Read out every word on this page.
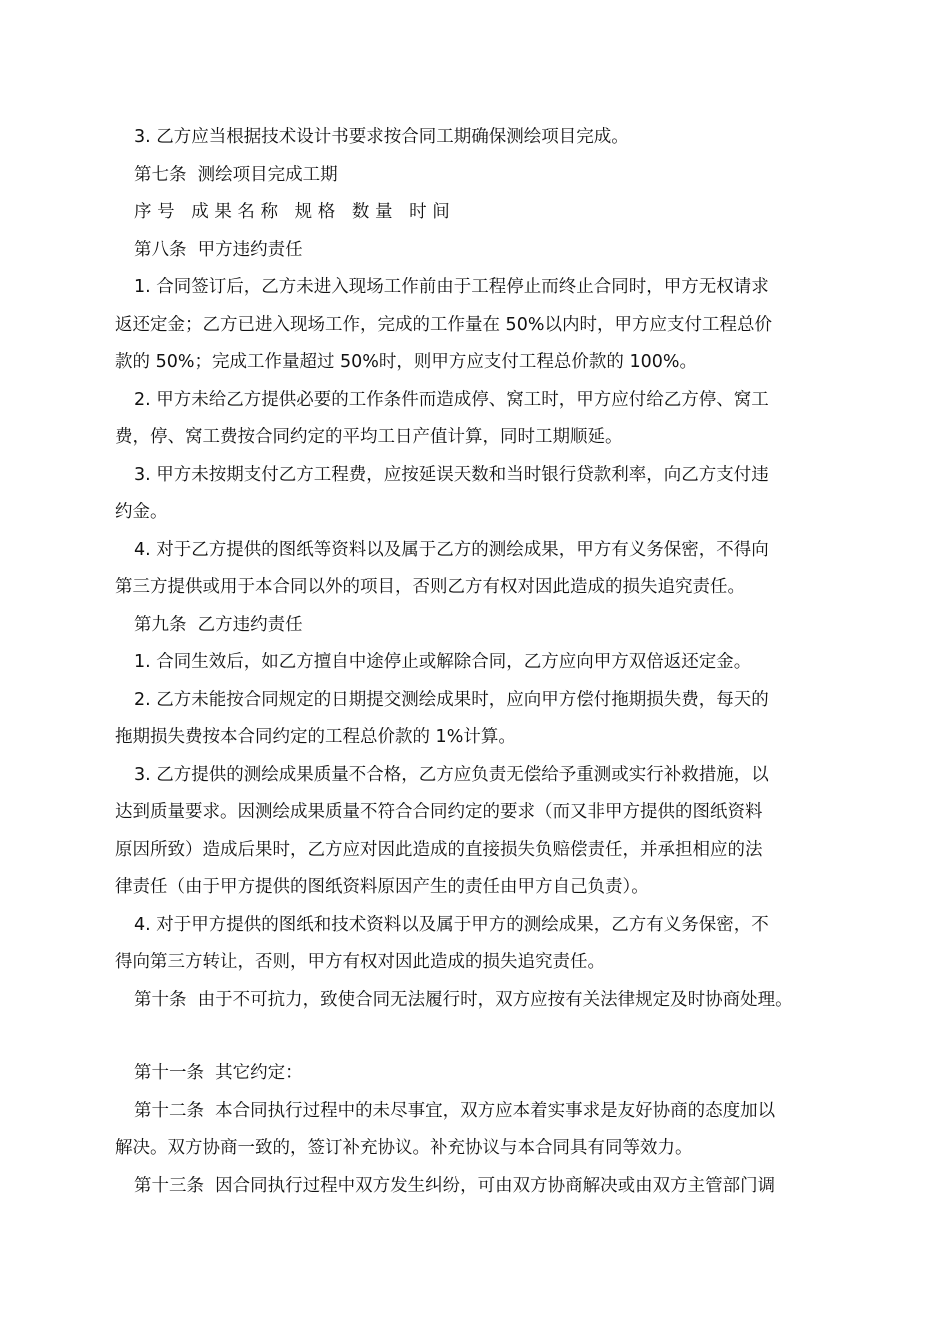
3. 乙方应当根据技术设计书要求按合同工期确保测绘项目完成。

第七条  测绘项目完成工期

序 号   成 果 名 称   规 格   数 量   时 间

第八条  甲方违约责任

1. 合同签订后，乙方未进入现场工作前由于工程停止而终止合同时，甲方无权请求

返还定金；乙方已进入现场工作，完成的工作量在 50%以内时，甲方应支付工程总价

款的 50%；完成工作量超过 50%时，则甲方应支付工程总价款的 100%。

2. 甲方未给乙方提供必要的工作条件而造成停、窝工时，甲方应付给乙方停、窝工

费，停、窝工费按合同约定的平均工日产值计算，同时工期顺延。

3. 甲方未按期支付乙方工程费，应按延误天数和当时银行贷款利率，向乙方支付违

约金。

4. 对于乙方提供的图纸等资料以及属于乙方的测绘成果，甲方有义务保密，不得向

第三方提供或用于本合同以外的项目，否则乙方有权对因此造成的损失追究责任。

第九条  乙方违约责任

1. 合同生效后，如乙方擅自中途停止或解除合同，乙方应向甲方双倍返还定金。

2. 乙方未能按合同规定的日期提交测绘成果时，应向甲方偿付拖期损失费，每天的

拖期损失费按本合同约定的工程总价款的 1%计算。

3. 乙方提供的测绘成果质量不合格，乙方应负责无偿给予重测或实行补救措施，以

达到质量要求。因测绘成果质量不符合合同约定的要求（而又非甲方提供的图纸资料

原因所致）造成后果时，乙方应对因此造成的直接损失负赔偿责任，并承担相应的法

律责任（由于甲方提供的图纸资料原因产生的责任由甲方自己负责）。

4. 对于甲方提供的图纸和技术资料以及属于甲方的测绘成果，乙方有义务保密，不

得向第三方转让，否则，甲方有权对因此造成的损失追究责任。

第十条  由于不可抗力，致使合同无法履行时，双方应按有关法律规定及时协商处理。

第十一条  其它约定：

第十二条  本合同执行过程中的未尽事宜，双方应本着实事求是友好协商的态度加以

解决。双方协商一致的，签订补充协议。补充协议与本合同具有同等效力。

第十三条  因合同执行过程中双方发生纠纷，可由双方协商解决或由双方主管部门调
